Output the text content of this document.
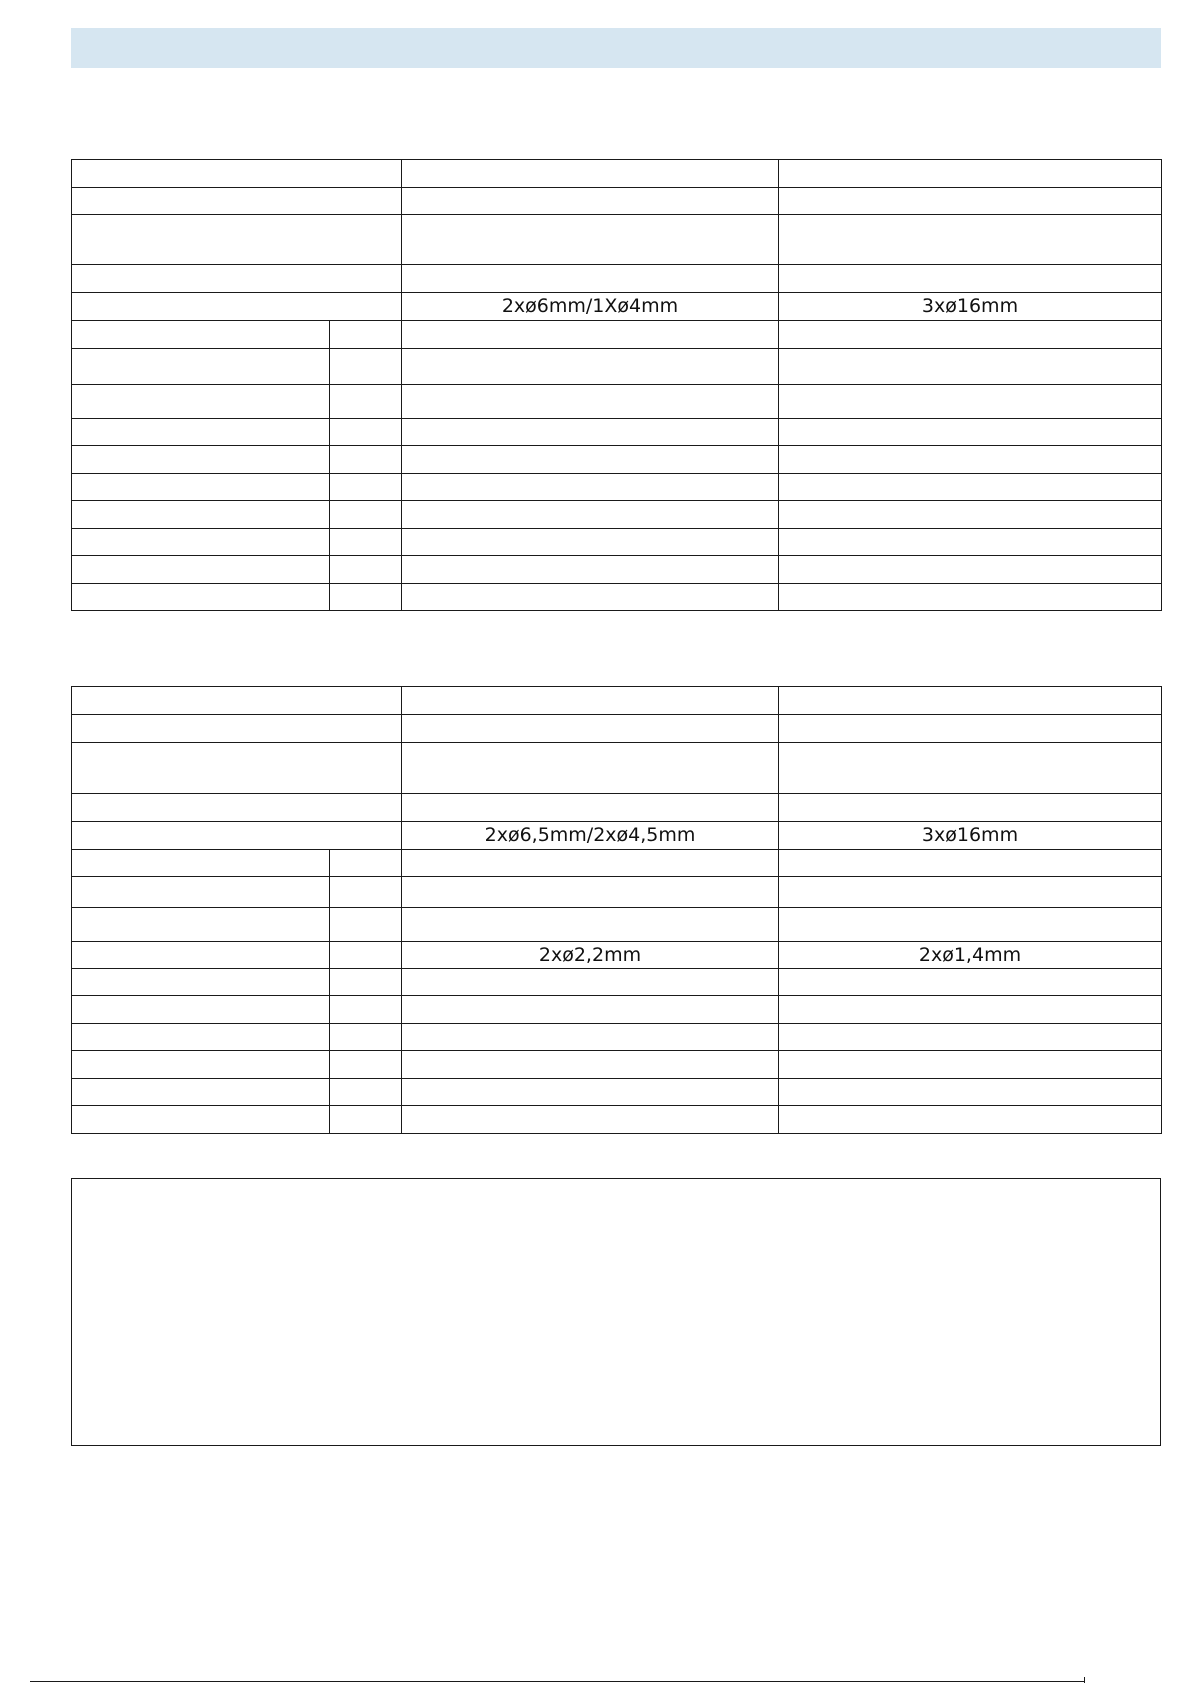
		2xø6mm/1Xø4mm	3xø16mm

		2xø6,5mm/2xø4,5mm	3xø16mm

		2xø2,2mm	2xø1,4mm
